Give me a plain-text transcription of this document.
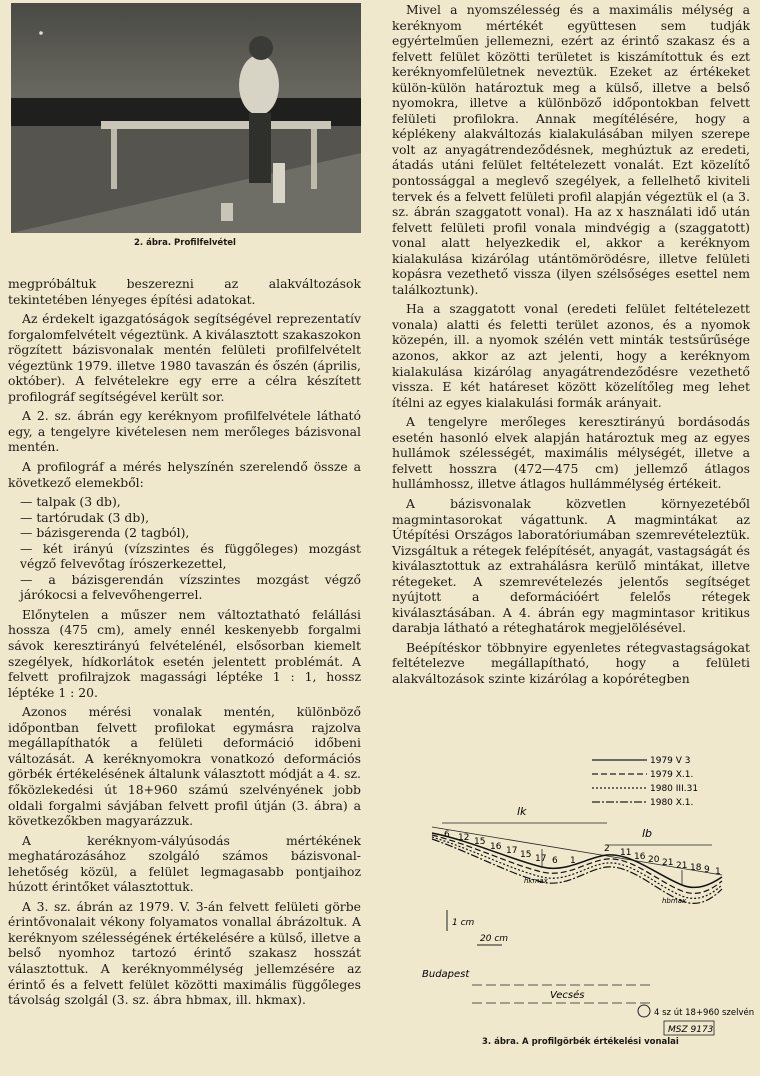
2. ábra. Profilfelvétel

megpróbáltuk beszerezni az alakváltozások tekintetében lényeges építési adatokat.

Az érdekelt igazgatóságok segítségével reprezentatív forgalomfelvételt végeztünk. A kiválasztott szakaszokon rögzített bázisvonalak mentén felületi profilfelvételt végeztünk 1979. illetve 1980 tavaszán és őszén (április, október). A felvételekre egy erre a célra készített profilográf segítségével került sor.

A 2. sz. ábrán egy keréknyom profilfelvétele látható egy, a tengelyre kivételesen nem merőleges bázisvonal mentén.

A profilográf a mérés helyszínén szerelendő össze a következő elemekből:

— talpak (3 db),
— tartórudak (3 db),
— bázisgerenda (2 tagból),
— két irányú (vízszintes és függőleges) mozgást végző felvevőtag írószerkezettel,
— a bázisgerendán vízszintes mozgást végző járókocsi a felvevőhengerrel.

Előnytelen a műszer nem változtatható felállási hossza (475 cm), amely ennél keskenyebb forgalmi sávok keresztirányú felvételénél, elsősorban kiemelt szegélyek, hídkorlátok esetén jelentett problémát. A felvett profilrajzok magassági léptéke 1 : 1, hossz léptéke 1 : 20.

Azonos mérési vonalak mentén, különböző időpontban felvett profilokat egymásra rajzolva megállapíthatók a felületi deformáció időbeni változását. A keréknyomokra vonatkozó deformációs görbék értékelésének általunk választott módját a 4. sz. főközlekedési út 18+960 számú szelvényének jobb oldali forgalmi sávjában felvett profil útján (3. ábra) a következőkben magyarázzuk.

A keréknyom-vályúsodás mértékének meghatározásához szolgáló számos bázisvonal-lehetőség közül, a felület legmagasabb pontjaihoz húzott érintőket választottuk.

A 3. sz. ábrán az 1979. V. 3-án felvett felületi görbe érintővonalait vékony folyamatos vonallal ábrázoltuk. A keréknyom szélességének értékelésére a külső, illetve a belső nyomhoz tartozó érintő szakasz hosszát választottuk. A keréknyommélység jellemzésére az érintő és a felvett felület közötti maximális függőleges távolság szolgál (3. sz. ábra hbmax, ill. hkmax).

Mivel a nyomszélesség és a maximális mélység a keréknyom mértékét együttesen sem tudják egyértelműen jellemezni, ezért az érintő szakasz és a felvett felület közötti területet is kiszámítottuk és ezt keréknyomfelületnek neveztük. Ezeket az értékeket külön-külön határoztuk meg a külső, illetve a belső nyomokra, illetve a különböző időpontokban felvett felületi profilokra. Annak megítélésére, hogy a képlékeny alakváltozás kialakulásában milyen szerepe volt az anyagátrendeződésnek, meghúztuk az eredeti, átadás utáni felület feltételezett vonalát. Ezt közelítő pontossággal a meglevő szegélyek, a fellelhető kiviteli tervek és a felvett felületi profil alapján végeztük el (a 3. sz. ábrán szaggatott vonal). Ha az x használati idő után felvett felületi profil vonala mindvégig a (szaggatott) vonal alatt helyezkedik el, akkor a keréknyom kialakulása kizárólag utántömörödésre, illetve felületi kopásra vezethető vissza (ilyen szélsőséges esettel nem találkoztunk).

Ha a szaggatott vonal (eredeti felület feltételezett vonala) alatti és feletti terület azonos, és a nyomok közepén, ill. a nyomok szélén vett minták testsűrűsége azonos, akkor az azt jelenti, hogy a keréknyom kialakulása kizárólag anyagátrendeződésre vezethető vissza. E két határeset között közelítőleg meg lehet ítélni az egyes kialakulási formák arányait.

A tengelyre merőleges keresztirányú bordásodás esetén hasonló elvek alapján határoztuk meg az egyes hullámok szélességét, maximális mélységét, illetve a felvett hosszra (472—475 cm) jellemző átlagos hullámhossz, illetve átlagos hullámmélység értékeit.

A bázisvonalak közvetlen környezetéből magmintasorokat vágattunk. A magmintákat az Útépítési Országos laboratóriumában szemrevételeztük. Vizsgáltuk a rétegek felépítését, anyagát, vastagságát és kiválasztottuk az extrahálásra kerülő mintákat, illetve rétegeket. A szemrevételezés jelentős segítséget nyújtott a deformációért felelős rétegek kiválasztásában. A 4. ábrán egy magmintasor kritikus darabja látható a réteghatárok megjelölésével.

Beépítéskor többnyire egyenletes rétegvastagságokat feltételezve megállapítható, hogy a felületi alakváltozások szinte kizárólag a kopórétegben

1979 V 3
1979 X.1.
1980 III.31
1980 X.1.
lk
lb
6 12 15 16 17 15 17 6 1
2 11 16 20 21 21 18 9 1
hkmax
hbmax
1 cm
20 cm
Budapest
Vecsés
4 sz út 18+960 szelvény
MSZ 9173
3. ábra. A profilgörbék értékelési vonalai
